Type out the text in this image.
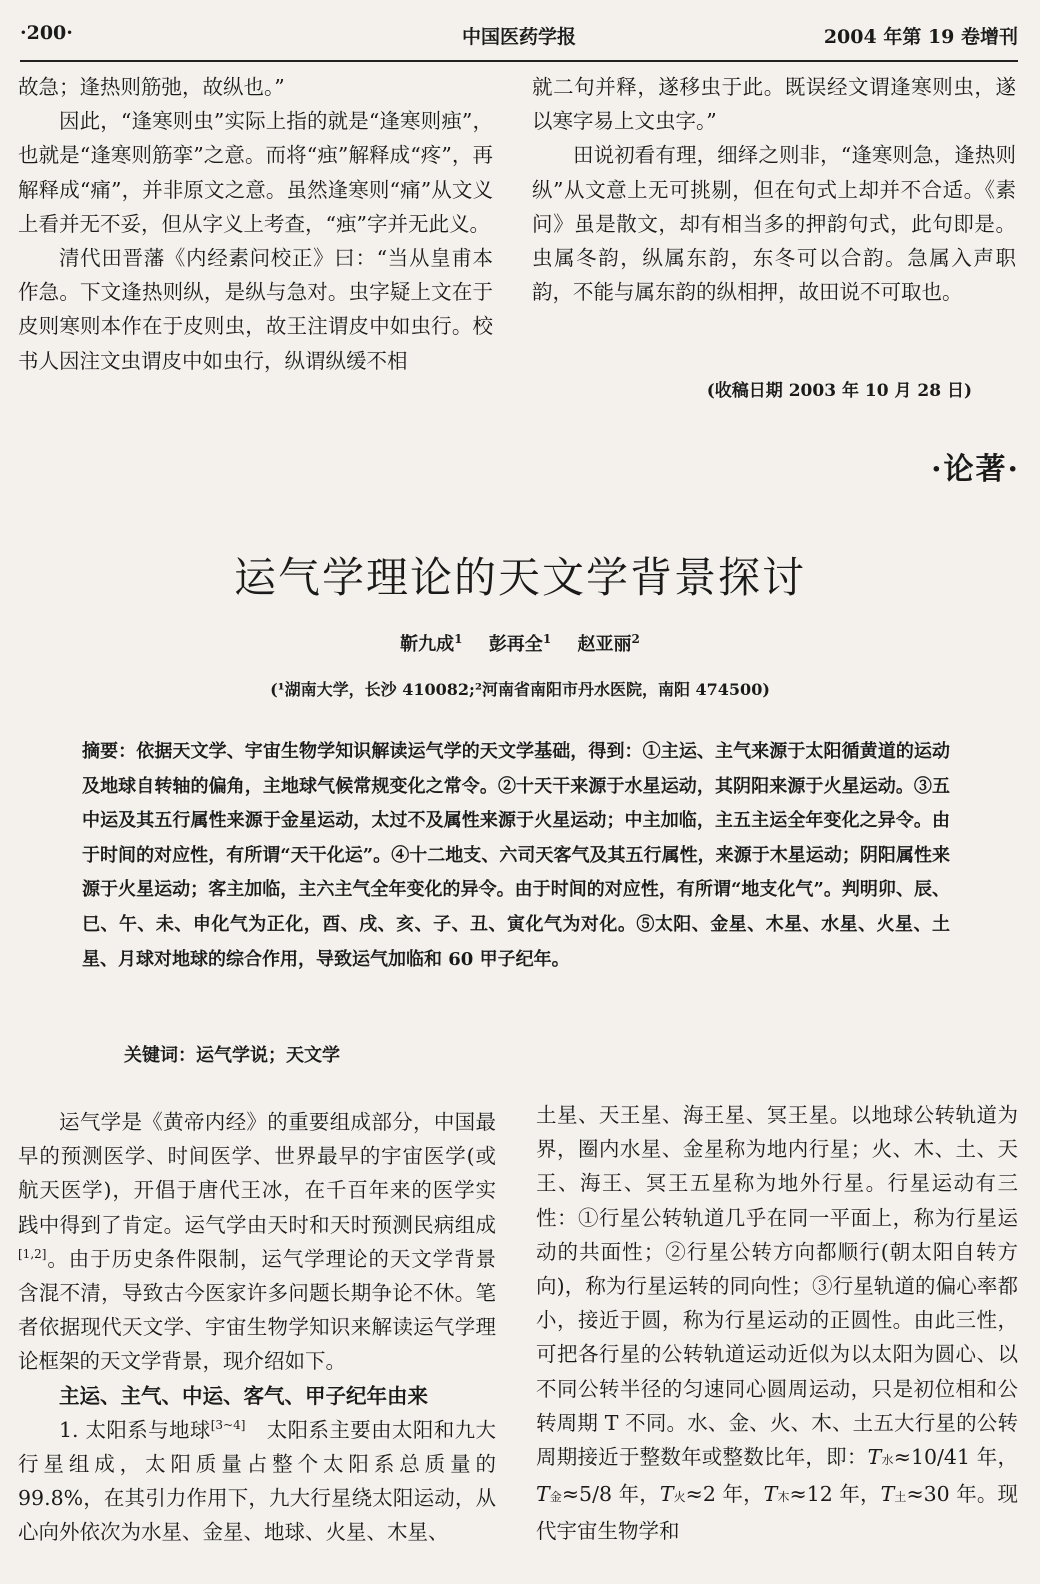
·200·	中国医药学报	2004 年第 19 卷增刊

故急；逢热则筋弛，故纵也。”

因此，“逢寒则虫”实际上指的就是“逢寒则痋”，也就是“逢寒则筋挛”之意。而将“痋”解释成“疼”，再解释成“痛”，并非原文之意。虽然逢寒则“痛”从文义上看并无不妥，但从字义上考查，“痋”字并无此义。

清代田晋藩《内经素问校正》曰：“当从皇甫本作急。下文逢热则纵，是纵与急对。虫字疑上文在于皮则寒则本作在于皮则虫，故王注谓皮中如虫行。校书人因注文虫谓皮中如虫行，纵谓纵缓不相

就二句并释，遂移虫于此。既误经文谓逢寒则虫，遂以寒字易上文虫字。”

田说初看有理，细绎之则非，“逢寒则急，逢热则纵”从文意上无可挑剔，但在句式上却并不合适。《素问》虽是散文，却有相当多的押韵句式，此句即是。虫属冬韵，纵属东韵，东冬可以合韵。急属入声职韵，不能与属东韵的纵相押，故田说不可取也。

(收稿日期 2003 年 10 月 28 日)
·论著·
运气学理论的天文学背景探讨
靳九成$^1$ 彭再全$^1$ 赵亚丽$^2$
(¹湖南大学，长沙 410082;²河南省南阳市丹水医院，南阳 474500)
摘要：依据天文学、宇宙生物学知识解读运气学的天文学基础，得到：①主运、主气来源于太阳循黄道的运动及地球自转轴的偏角，主地球气候常规变化之常令。②十天干来源于水星运动，其阴阳来源于火星运动。③五中运及其五行属性来源于金星运动，太过不及属性来源于火星运动；中主加临，主五主运全年变化之异令。由于时间的对应性，有所谓“天干化运”。④十二地支、六司天客气及其五行属性，来源于木星运动；阴阳属性来源于火星运动；客主加临，主六主气全年变化的异令。由于时间的对应性，有所谓“地支化气”。判明卯、辰、巳、午、未、申化气为正化，酉、戌、亥、子、丑、寅化气为对化。⑤太阳、金星、木星、水星、火星、土星、月球对地球的综合作用，导致运气加临和 60 甲子纪年。
关键词：运气学说；天文学

运气学是《黄帝内经》的重要组成部分，中国最早的预测医学、时间医学、世界最早的宇宙医学(或航天医学)，开倡于唐代王冰，在千百年来的医学实践中得到了肯定。运气学由天时和天时预测民病组成[1,2]。由于历史条件限制，运气学理论的天文学背景含混不清，导致古今医家许多问题长期争论不休。笔者依据现代天文学、宇宙生物学知识来解读运气学理论框架的天文学背景，现介绍如下。

主运、主气、中运、客气、甲子纪年由来

1. 太阳系与地球[3~4]　太阳系主要由太阳和九大行星组成，太阳质量占整个太阳系总质量的 99.8%，在其引力作用下，九大行星绕太阳运动，从心向外依次为水星、金星、地球、火星、木星、

土星、天王星、海王星、冥王星。以地球公转轨道为界，圈内水星、金星称为地内行星；火、木、土、天王、海王、冥王五星称为地外行星。行星运动有三性：①行星公转轨道几乎在同一平面上，称为行星运动的共面性；②行星公转方向都顺行(朝太阳自转方向)，称为行星运转的同向性；③行星轨道的偏心率都小，接近于圆，称为行星运动的正圆性。由此三性，可把各行星的公转轨道运动近似为以太阳为圆心、以不同公转半径的匀速同心圆周运动，只是初位相和公转周期 T 不同。水、金、火、木、土五大行星的公转周期接近于整数年或整数比年，即：T水≈10/41 年，T金≈5/8 年，T火≈2 年，T木≈12 年，T土≈30 年。现代宇宙生物学和
